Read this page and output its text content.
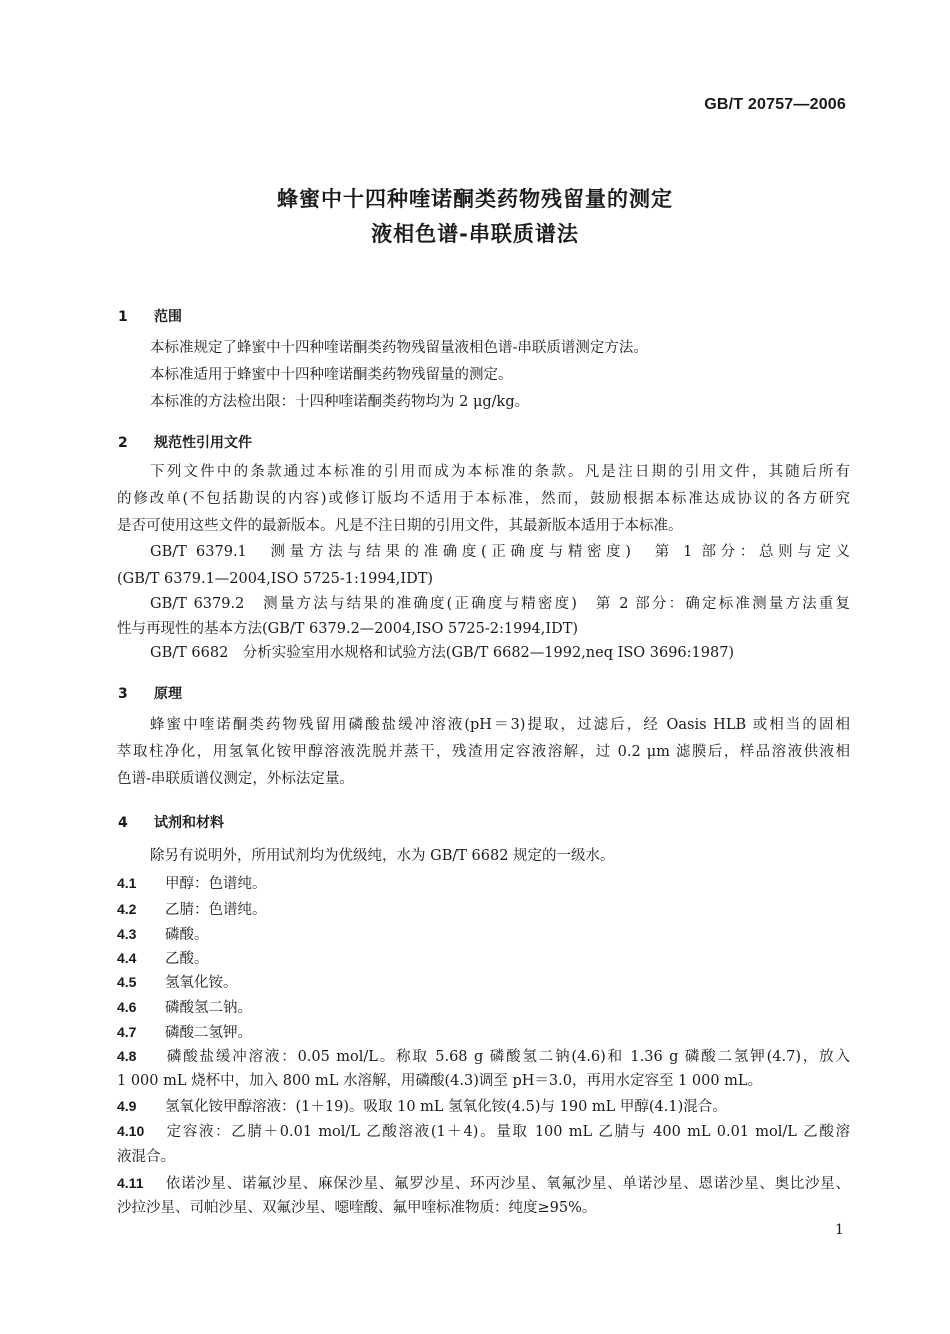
GB/T 20757—2006
蜂蜜中十四种喹诺酮类药物残留量的测定
液相色谱-串联质谱法
1 范围
本标准规定了蜂蜜中十四种喹诺酮类药物残留量液相色谱-串联质谱测定方法。
本标准适用于蜂蜜中十四种喹诺酮类药物残留量的测定。
本标准的方法检出限：十四种喹诺酮类药物均为 2 μg/kg。
2 规范性引用文件
下列文件中的条款通过本标准的引用而成为本标准的条款。凡是注日期的引用文件，其随后所有
的修改单(不包括勘误的内容)或修订版均不适用于本标准，然而，鼓励根据本标准达成协议的各方研究
是否可使用这些文件的最新版本。凡是不注日期的引用文件，其最新版本适用于本标准。
GB/T 6379.1　测量方法与结果的准确度(正确度与精密度)　第 1 部分：总则与定义
(GB/T 6379.1—2004,ISO 5725-1:1994,IDT)
GB/T 6379.2　测量方法与结果的准确度(正确度与精密度)　第 2 部分：确定标准测量方法重复
性与再现性的基本方法(GB/T 6379.2—2004,ISO 5725-2:1994,IDT)
GB/T 6682　分析实验室用水规格和试验方法(GB/T 6682—1992,neq ISO 3696:1987)
3 原理
蜂蜜中喹诺酮类药物残留用磷酸盐缓冲溶液(pH＝3)提取，过滤后，经 Oasis HLB 或相当的固相
萃取柱净化，用氢氧化铵甲醇溶液洗脱并蒸干，残渣用定容液溶解，过 0.2 μm 滤膜后，样品溶液供液相
色谱-串联质谱仪测定，外标法定量。
4 试剂和材料
除另有说明外，所用试剂均为优级纯，水为 GB/T 6682 规定的一级水。
4.1 甲醇：色谱纯。
4.2 乙腈：色谱纯。
4.3 磷酸。
4.4 乙酸。
4.5 氢氧化铵。
4.6 磷酸氢二钠。
4.7 磷酸二氢钾。
4.8 磷酸盐缓冲溶液：0.05 mol/L。称取 5.68 g 磷酸氢二钠(4.6)和 1.36 g 磷酸二氢钾(4.7)，放入
1 000 mL 烧杯中，加入 800 mL 水溶解，用磷酸(4.3)调至 pH＝3.0，再用水定容至 1 000 mL。
4.9 氢氧化铵甲醇溶液：(1＋19)。吸取 10 mL 氢氧化铵(4.5)与 190 mL 甲醇(4.1)混合。
4.10 定容液：乙腈＋0.01 mol/L 乙酸溶液(1＋4)。量取 100 mL 乙腈与 400 mL 0.01 mol/L 乙酸溶
液混合。
4.11 依诺沙星、诺氟沙星、麻保沙星、氟罗沙星、环丙沙星、氧氟沙星、单诺沙星、恩诺沙星、奥比沙星、
沙拉沙星、司帕沙星、双氟沙星、噁喹酸、氟甲喹标准物质：纯度≥95%。
1
